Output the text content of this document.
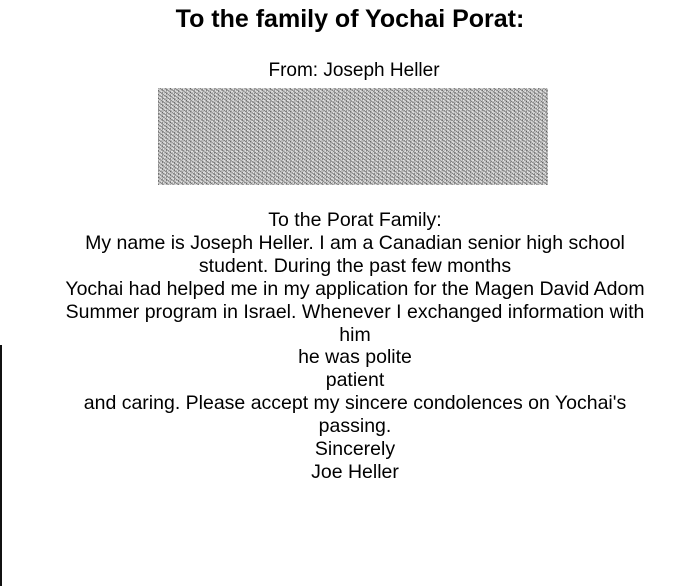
To the family of Yochai Porat:
From: Joseph Heller
To the Porat Family:
My name is Joseph Heller. I am a Canadian senior high school
student. During the past few months
Yochai had helped me in my application for the Magen David Adom
Summer program in Israel. Whenever I exchanged information with
him
he was polite
patient
and caring. Please accept my sincere condolences on Yochai's
passing.
Sincerely
Joe Heller
